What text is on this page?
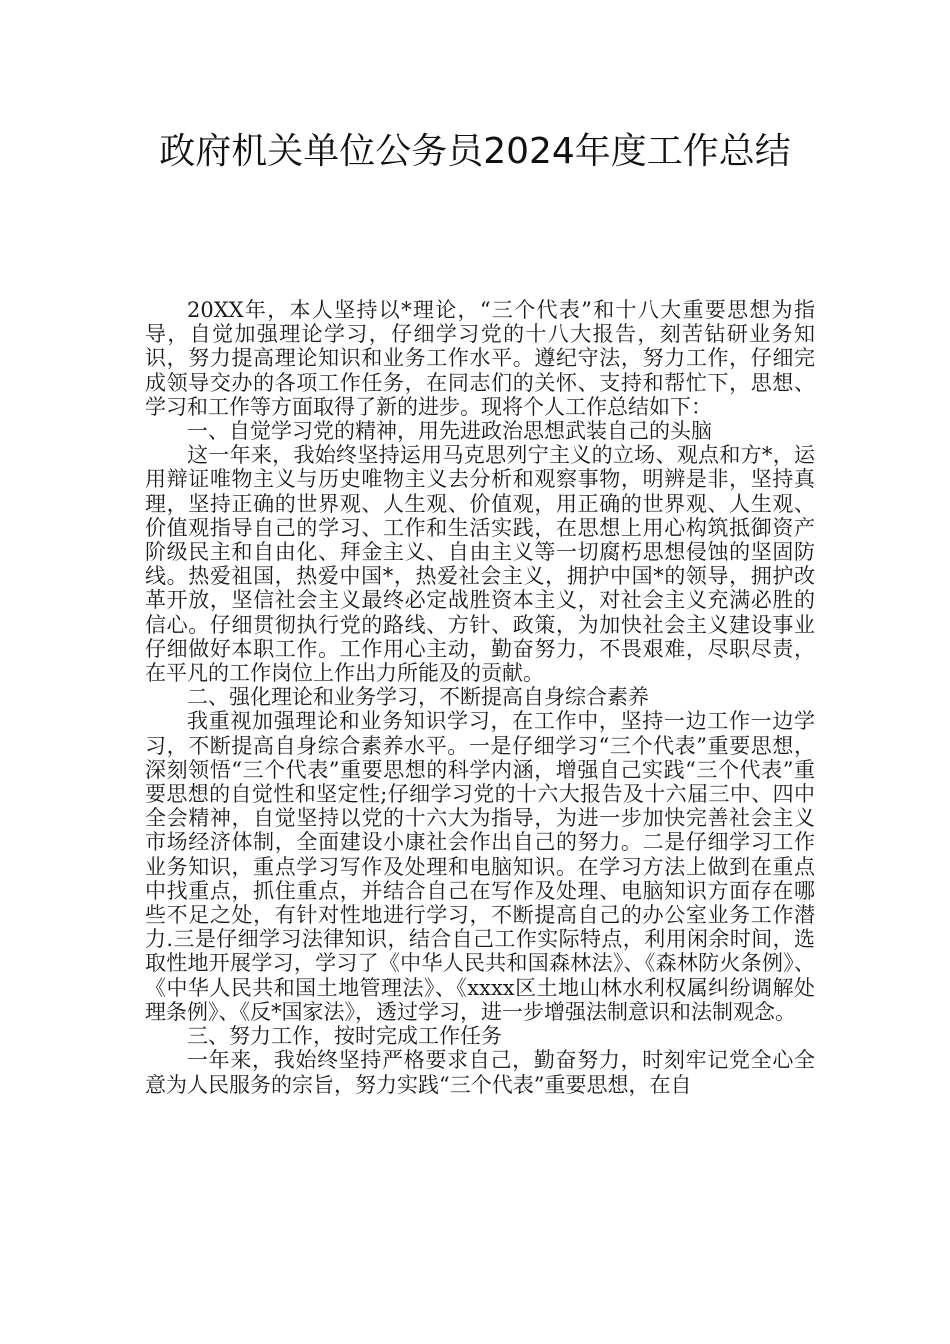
政府机关单位公务员2024年度工作总结

20XX年，本人坚持以*理论，“三个代表”和十八大重要思想为指导，自觉加强理论学习，仔细学习党的十八大报告，刻苦钻研业务知识，努力提高理论知识和业务工作水平。遵纪守法，努力工作，仔细完成领导交办的各项工作任务，在同志们的关怀、支持和帮忙下，思想、学习和工作等方面取得了新的进步。现将个人工作总结如下：

一、自觉学习党的精神，用先进政治思想武装自己的头脑

这一年来，我始终坚持运用马克思列宁主义的立场、观点和方*，运用辩证唯物主义与历史唯物主义去分析和观察事物，明辨是非，坚持真理，坚持正确的世界观、人生观、价值观，用正确的世界观、人生观、价值观指导自己的学习、工作和生活实践，在思想上用心构筑抵御资产阶级民主和自由化、拜金主义、自由主义等一切腐朽思想侵蚀的坚固防线。热爱祖国，热爱中国*，热爱社会主义，拥护中国*的领导，拥护改革开放，坚信社会主义最终必定战胜资本主义，对社会主义充满必胜的信心。仔细贯彻执行党的路线、方针、政策，为加快社会主义建设事业仔细做好本职工作。工作用心主动，勤奋努力，不畏艰难，尽职尽责，在平凡的工作岗位上作出力所能及的贡献。

二、强化理论和业务学习，不断提高自身综合素养

我重视加强理论和业务知识学习，在工作中，坚持一边工作一边学习，不断提高自身综合素养水平。一是仔细学习“三个代表”重要思想，深刻领悟“三个代表”重要思想的科学内涵，增强自己实践“三个代表”重要思想的自觉性和坚定性;仔细学习党的十六大报告及十六届三中、四中全会精神，自觉坚持以党的十六大为指导，为进一步加快完善社会主义市场经济体制，全面建设小康社会作出自己的努力。二是仔细学习工作业务知识，重点学习写作及处理和电脑知识。在学习方法上做到在重点中找重点，抓住重点，并结合自己在写作及处理、电脑知识方面存在哪些不足之处，有针对性地进行学习，不断提高自己的办公室业务工作潜力.三是仔细学习法律知识，结合自己工作实际特点，利用闲余时间，选取性地开展学习，学习了《中华人民共和国森林法》、《森林防火条例》、《中华人民共和国土地管理法》、《xxxx区土地山林水利权属纠纷调解处理条例》、《反*国家法》，透过学习，进一步增强法制意识和法制观念。

三、努力工作，按时完成工作任务

一年来，我始终坚持严格要求自己，勤奋努力，时刻牢记党全心全意为人民服务的宗旨，努力实践“三个代表”重要思想，在自
